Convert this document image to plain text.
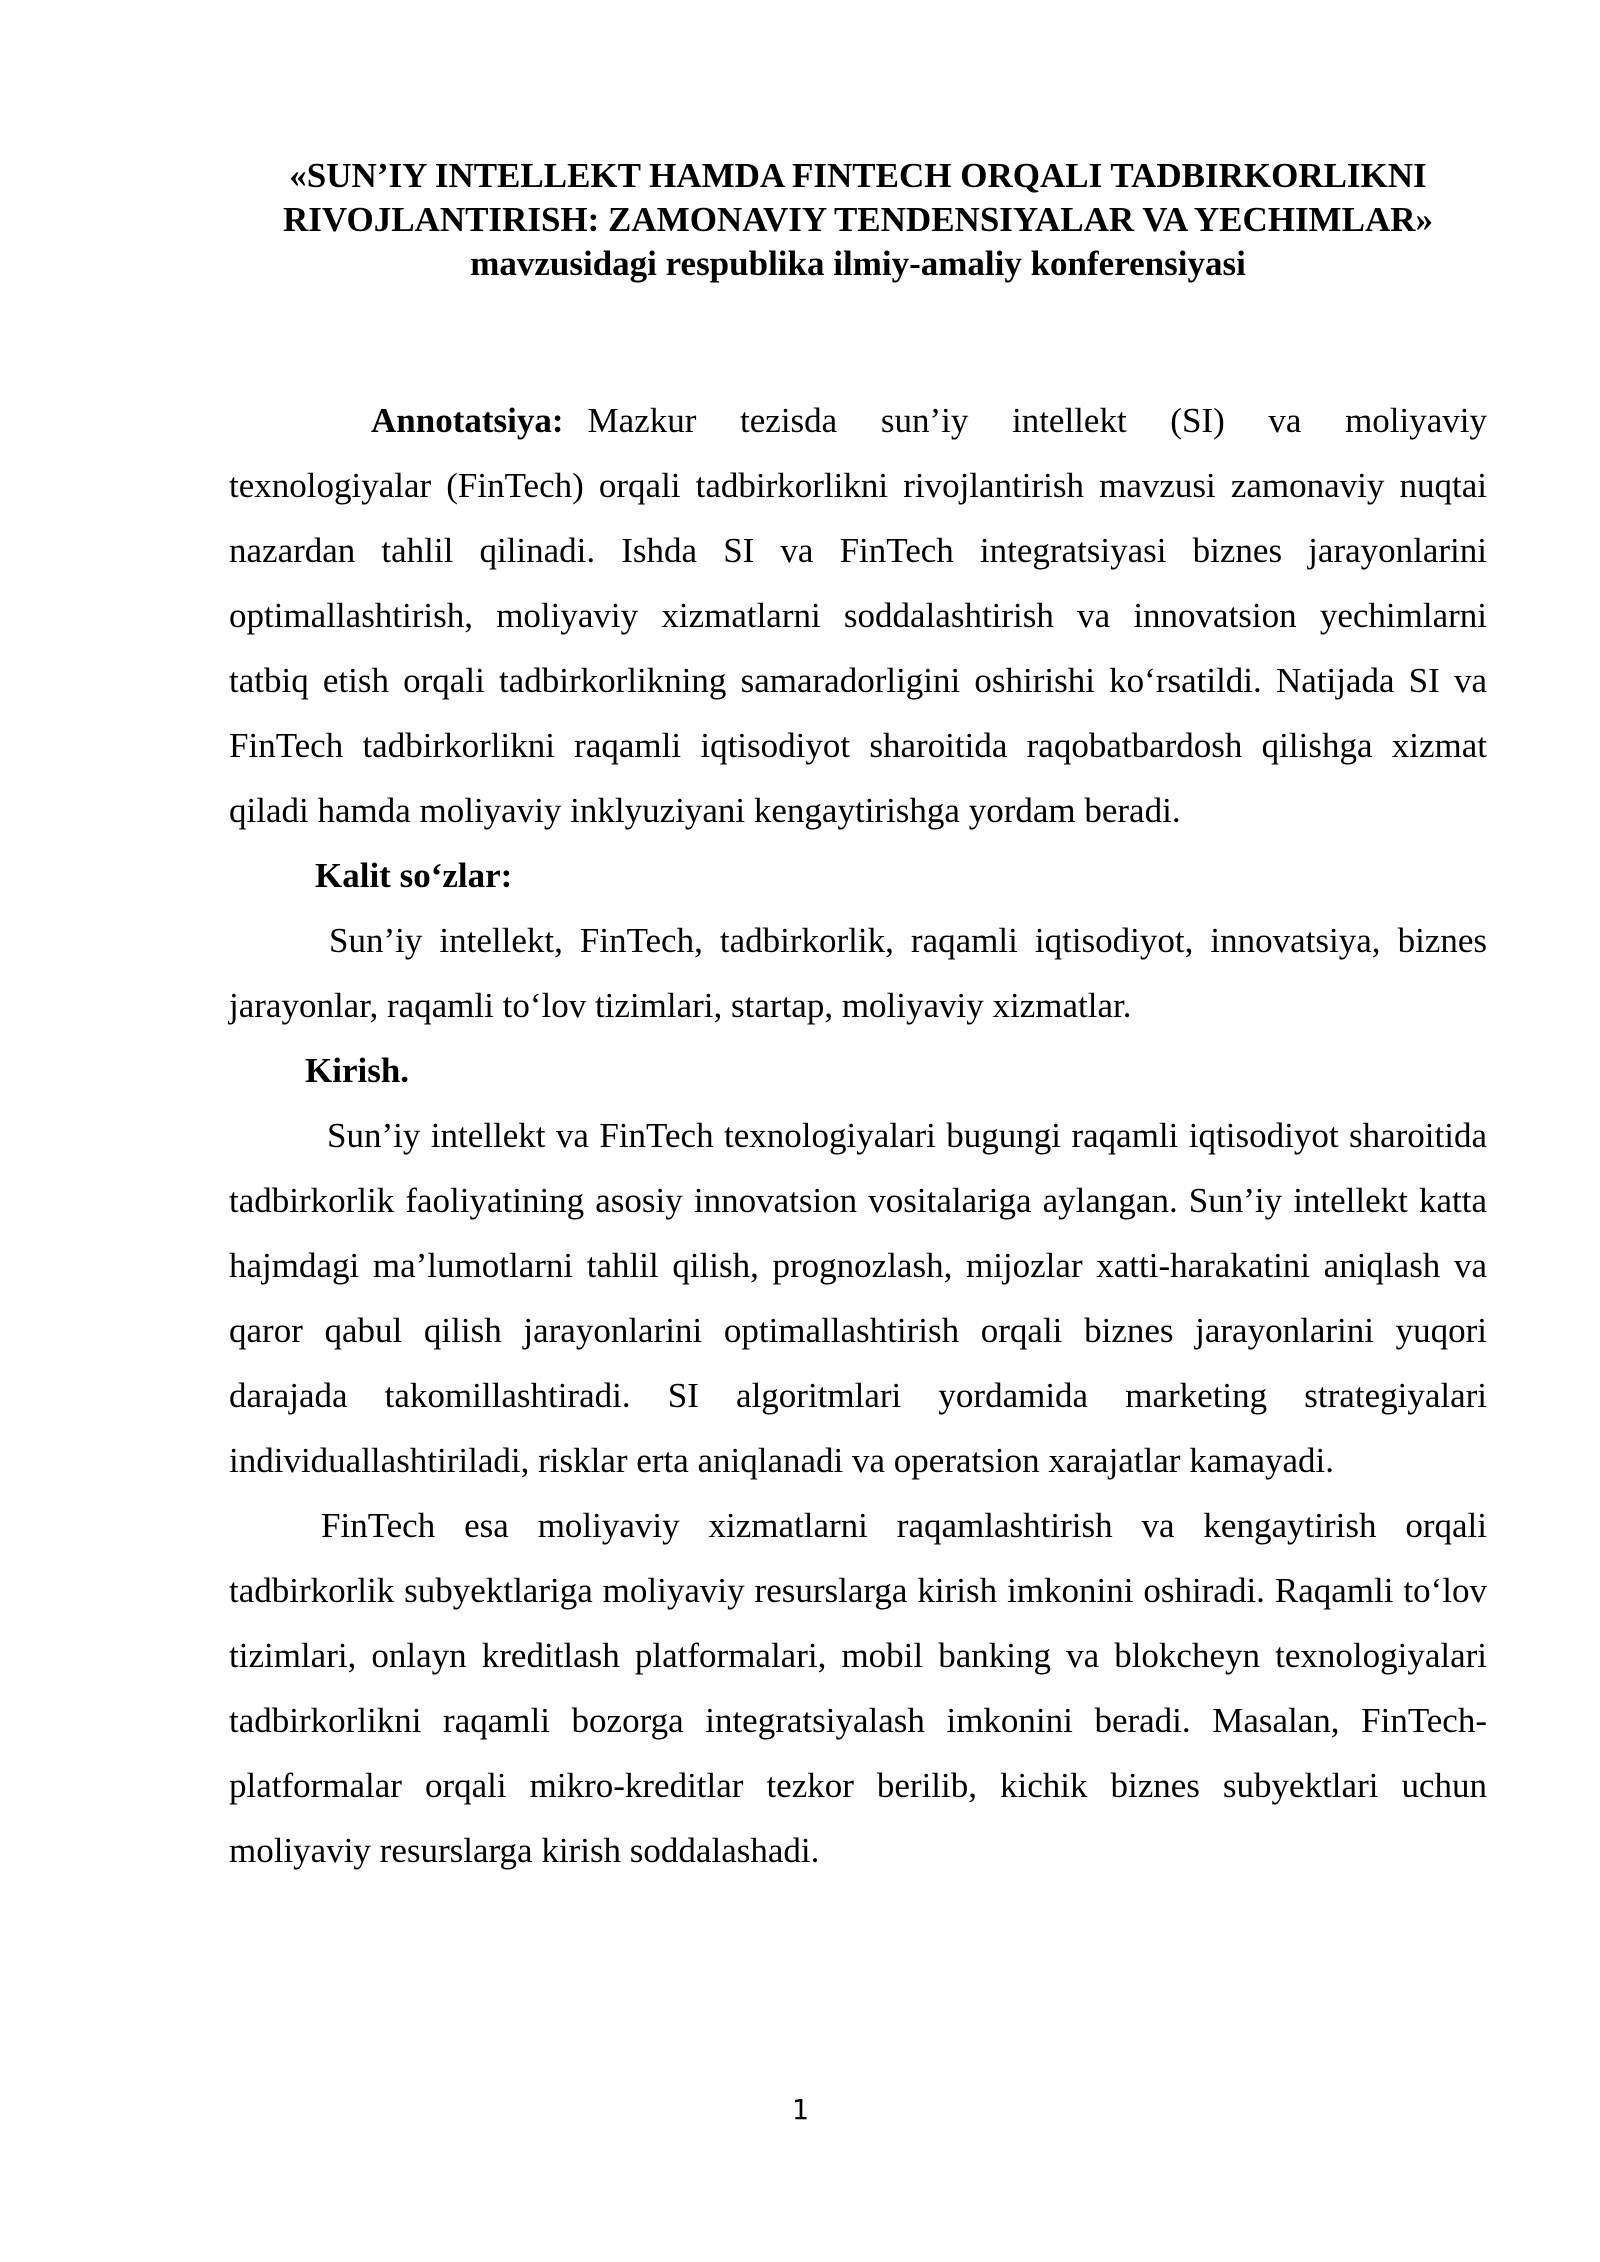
«SUN’IY INTELLEKT HAMDA FINTECH ORQALI TADBIRKORLIKNI
RIVOJLANTIRISH: ZAMONAVIY TENDENSIYALAR VA YECHIMLAR»
mavzusidagi respublika ilmiy-amaliy konferensiyasi

Annotatsiya: Mazkur tezisda sun’iy intellekt (SI) va moliyaviy texnologiyalar (FinTech) orqali tadbirkorlikni rivojlantirish mavzusi zamonaviy nuqtai nazardan tahlil qilinadi. Ishda SI va FinTech integratsiyasi biznes jarayonlarini optimallashtirish, moliyaviy xizmatlarni soddalashtirish va innovatsion yechimlarni tatbiq etish orqali tadbirkorlikning samaradorligini oshirishi ko‘rsatildi. Natijada SI va FinTech tadbirkorlikni raqamli iqtisodiyot sharoitida raqobatbardosh qilishga xizmat qiladi hamda moliyaviy inklyuziyani kengaytirishga yordam beradi.

Kalit so‘zlar:

Sun’iy intellekt, FinTech, tadbirkorlik, raqamli iqtisodiyot, innovatsiya, biznes jarayonlar, raqamli to‘lov tizimlari, startap, moliyaviy xizmatlar.

Kirish.

Sun’iy intellekt va FinTech texnologiyalari bugungi raqamli iqtisodiyot sharoitida tadbirkorlik faoliyatining asosiy innovatsion vositalariga aylangan. Sun’iy intellekt katta hajmdagi ma’lumotlarni tahlil qilish, prognozlash, mijozlar xatti-harakatini aniqlash va qaror qabul qilish jarayonlarini optimallashtirish orqali biznes jarayonlarini yuqori darajada takomillashtiradi. SI algoritmlari yordamida marketing strategiyalari individuallashtiriladi, risklar erta aniqlanadi va operatsion xarajatlar kamayadi.

FinTech esa moliyaviy xizmatlarni raqamlashtirish va kengaytirish orqali tadbirkorlik subyektlariga moliyaviy resurslarga kirish imkonini oshiradi. Raqamli to‘lov tizimlari, onlayn kreditlash platformalari, mobil banking va blokcheyn texnologiyalari tadbirkorlikni raqamli bozorga integratsiyalash imkonini beradi. Masalan, FinTech-platformalar orqali mikro-kreditlar tezkor berilib, kichik biznes subyektlari uchun moliyaviy resurslarga kirish soddalashadi.

1
